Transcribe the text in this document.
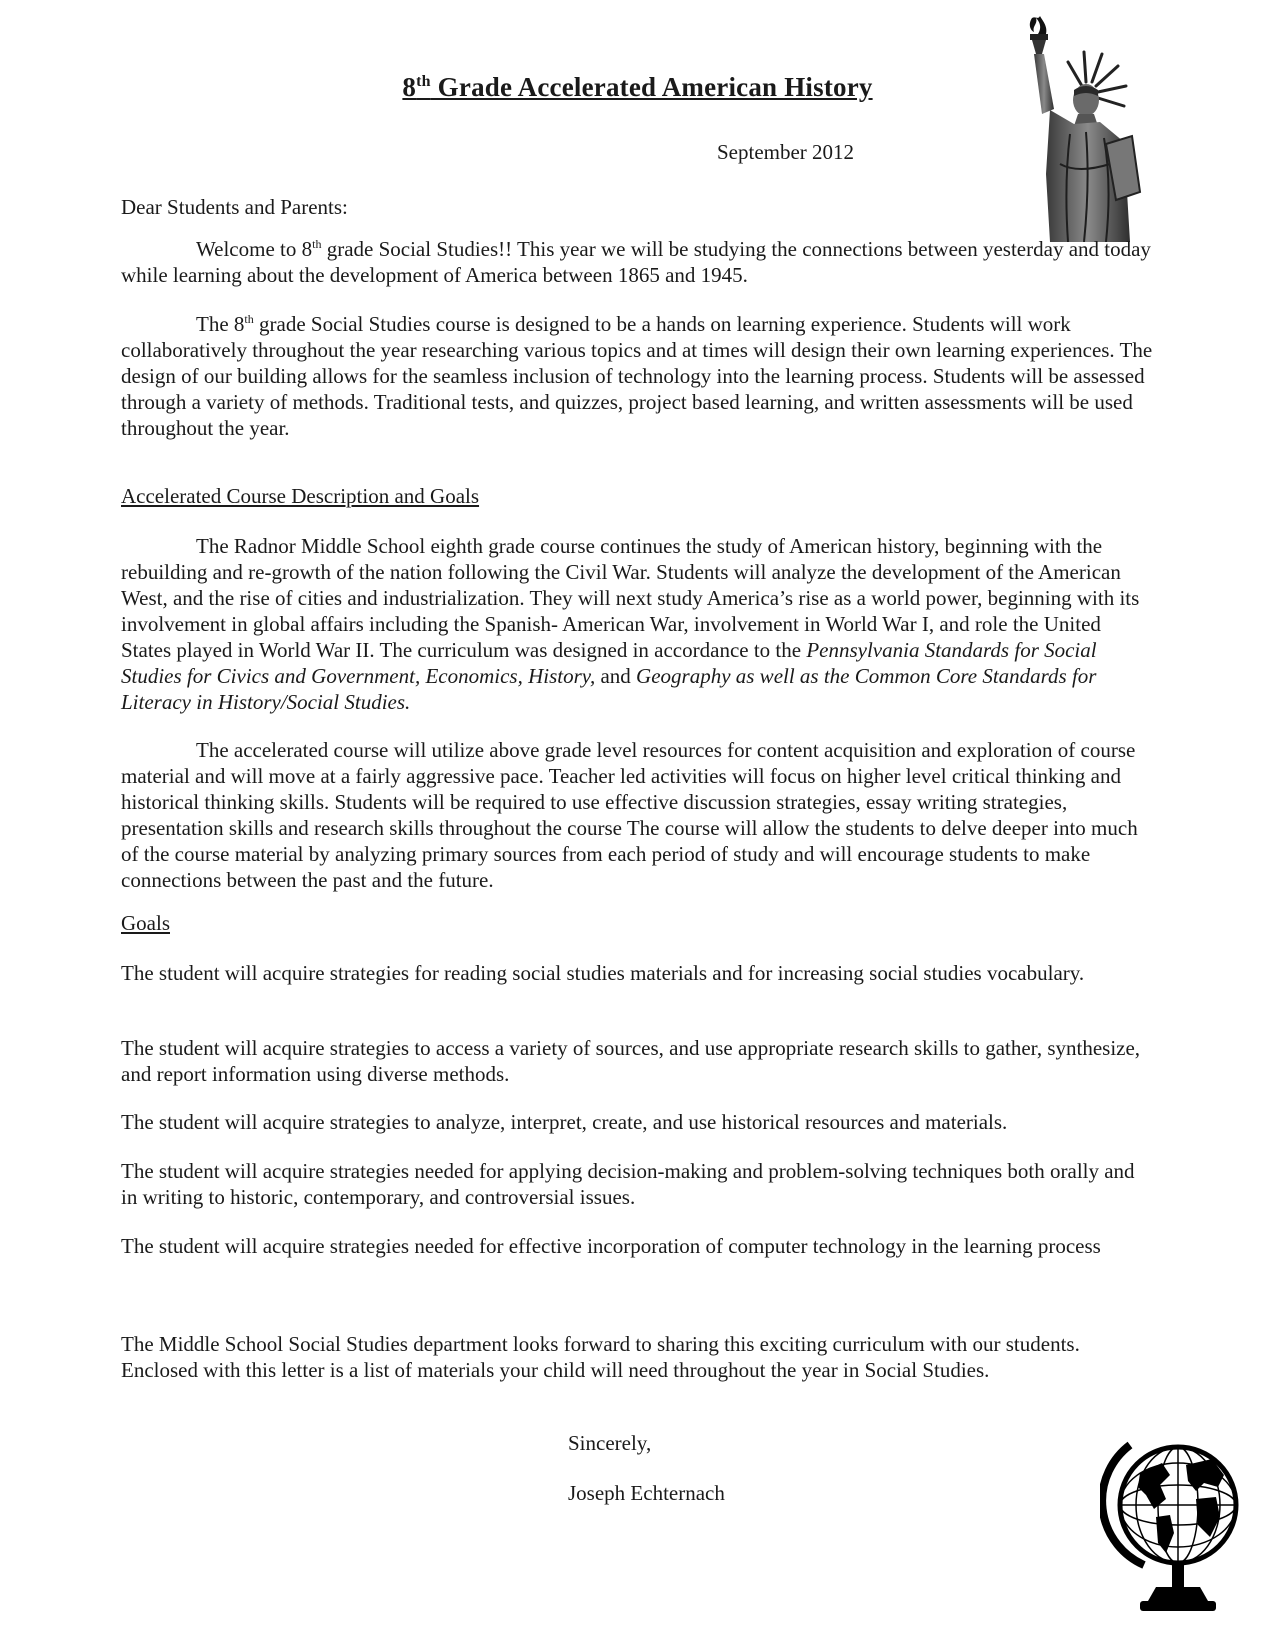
8th Grade Accelerated American History
September 2012
Dear Students and Parents:
Welcome to 8th grade Social Studies!! This year we will be studying the connections between yesterday and today while learning about the development of America between 1865 and 1945.
The 8th grade Social Studies course is designed to be a hands on learning experience. Students will work collaboratively throughout the year researching various topics and at times will design their own learning experiences. The design of our building allows for the seamless inclusion of technology into the learning process. Students will be assessed through a variety of methods. Traditional tests, and quizzes, project based learning, and written assessments will be used throughout the year.
Accelerated Course Description and Goals
The Radnor Middle School eighth grade course continues the study of American history, beginning with the rebuilding and re-growth of the nation following the Civil War. Students will analyze the development of the American West, and the rise of cities and industrialization. They will next study America’s rise as a world power, beginning with its involvement in global affairs including the Spanish- American War, involvement in World War I, and role the United States played in World War II. The curriculum was designed in accordance to the Pennsylvania Standards for Social Studies for Civics and Government, Economics, History, and Geography as well as the Common Core Standards for Literacy in History/Social Studies.
The accelerated course will utilize above grade level resources for content acquisition and exploration of course material and will move at a fairly aggressive pace. Teacher led activities will focus on higher level critical thinking and historical thinking skills. Students will be required to use effective discussion strategies, essay writing strategies, presentation skills and research skills throughout the course The course will allow the students to delve deeper into much of the course material by analyzing primary sources from each period of study and will encourage students to make connections between the past and the future.
Goals
The student will acquire strategies for reading social studies materials and for increasing social studies vocabulary.
The student will acquire strategies to access a variety of sources, and use appropriate research skills to gather, synthesize, and report information using diverse methods.
The student will acquire strategies to analyze, interpret, create, and use historical resources and materials.
The student will acquire strategies needed for applying decision-making and problem-solving techniques both orally and in writing to historic, contemporary, and controversial issues.
The student will acquire strategies needed for effective incorporation of computer technology in the learning process
The Middle School Social Studies department looks forward to sharing this exciting curriculum with our students. Enclosed with this letter is a list of materials your child will need throughout the year in Social Studies.
Sincerely,
Joseph Echternach
